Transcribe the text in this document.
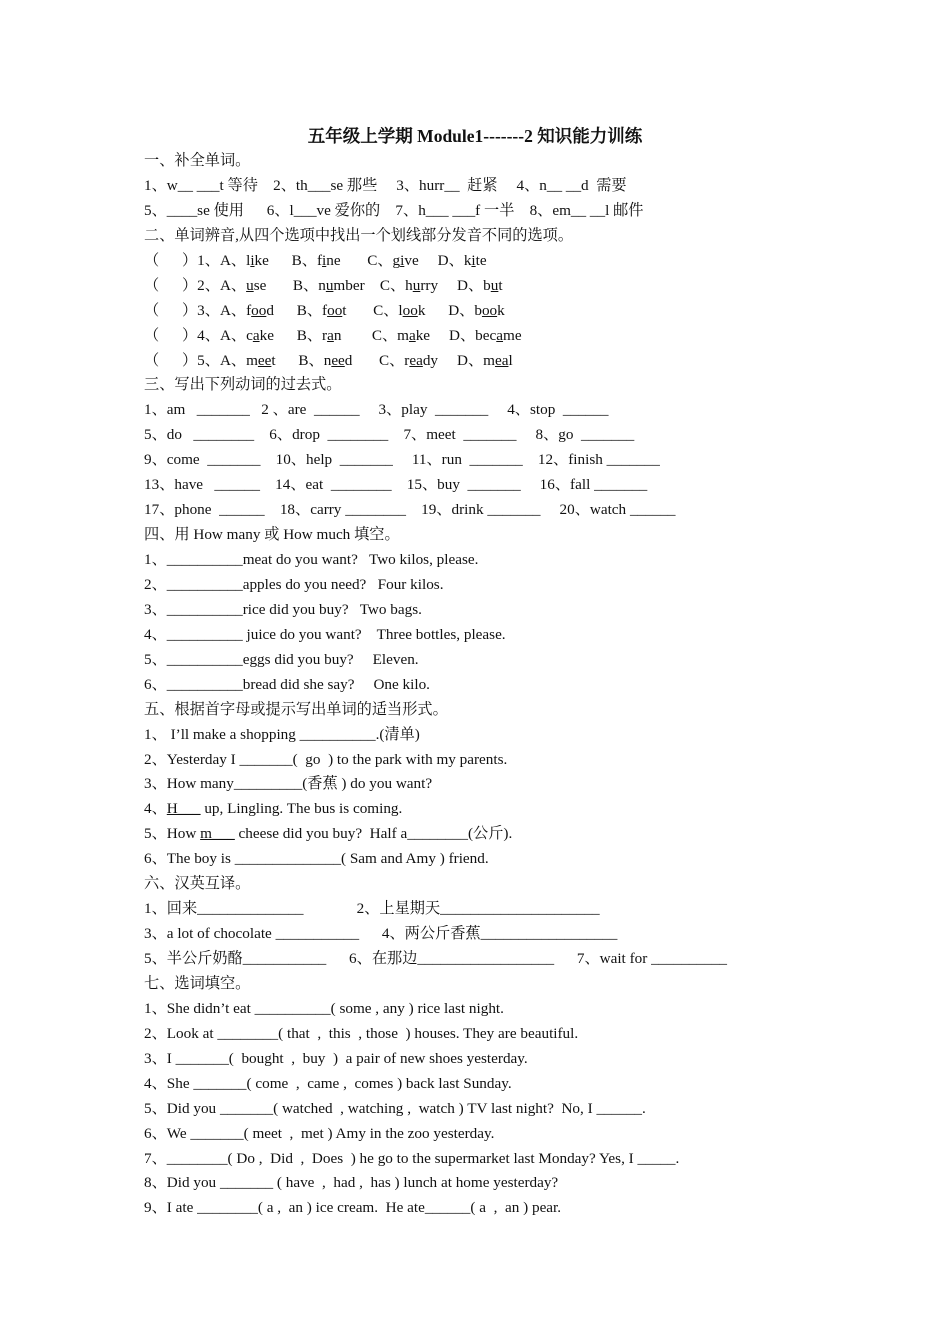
五年级上学期 Module1-------2 知识能力训练
一、补全单词。
1、w__ ___t 等待    2、th___se 那些     3、hurr__  赶紧     4、n__ __d  需要
5、____se 使用      6、l___ve 爱你的    7、h___ ___f 一半    8、em__ __l 邮件
二、单词辨音,从四个选项中找出一个划线部分发音不同的选项。
（      ）1、A、like      B、fine       C、give     D、kite
（      ）2、A、use       B、number    C、hurry     D、but
（      ）3、A、food      B、foot       C、look      D、book
（      ）4、A、cake      B、ran        C、make     D、became
（      ）5、A、meet      B、need       C、ready     D、meal
三、写出下列动词的过去式。
1、am   _______   2 、are  ______     3、play  _______     4、stop  ______
5、do   ________    6、drop  ________    7、meet  _______     8、go  _______
9、come  _______    10、help  _______     11、run  _______    12、finish _______
13、have   ______    14、eat  ________    15、buy  _______     16、fall _______
17、phone  ______    18、carry ________    19、drink _______     20、watch ______
四、用 How many 或 How much 填空。
1、__________meat do you want?   Two kilos, please.
2、__________apples do you need?   Four kilos.
3、__________rice did you buy?   Two bags.
4、__________ juice do you want?    Three bottles, please.
5、__________eggs did you buy?     Eleven.
6、__________bread did she say?     One kilo.
五、根据首字母或提示写出单词的适当形式。
1、 I’ll make a shopping __________.(清单)
2、Yesterday I _______(  go  ) to the park with my parents.
3、How many_________(香蕉 ) do you want?
4、H___ up, Lingling. The bus is coming.
5、How m___ cheese did you buy?  Half a________(公斤).
6、The boy is ______________( Sam and Amy ) friend.
六、汉英互译。
1、回来______________              2、上星期天_____________________
3、a lot of chocolate ___________      4、两公斤香蕉__________________
5、半公斤奶酪___________      6、在那边__________________      7、wait for __________
七、选词填空。
1、She didn’t eat __________( some , any ) rice last night.
2、Look at ________( that  ,  this  , those  ) houses. They are beautiful.
3、I _______(  bought  ,  buy  )  a pair of new shoes yesterday.
4、She _______( come  ,  came ,  comes ) back last Sunday.
5、Did you _______( watched  , watching ,  watch ) TV last night?  No, I ______.
6、We _______( meet  ,  met ) Amy in the zoo yesterday.
7、________( Do ,  Did  ,  Does  ) he go to the supermarket last Monday? Yes, I _____.
8、Did you _______ ( have  ,  had ,  has ) lunch at home yesterday?
9、I ate ________( a ,  an ) ice cream.  He ate______( a  ,  an ) pear.
